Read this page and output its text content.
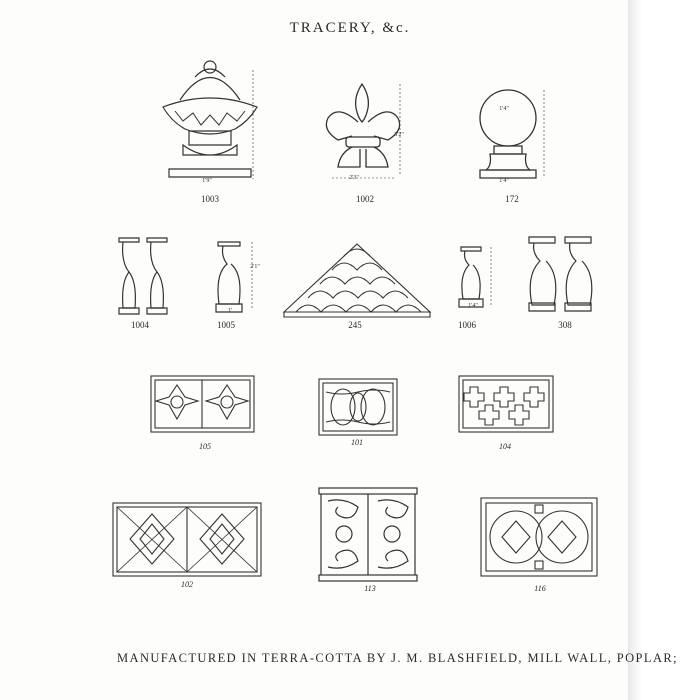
TRACERY, &c.
1'9"
1003
2'3"
3'2"
1002
1'4"
1'4"
172
1004
1'
2'1"
1005	245
1'4"
1006	308
105	101	104
102	113	116
MANUFACTURED IN TERRA-COTTA BY J. M. BLASHFIELD, MILL WALL, POPLAR;
